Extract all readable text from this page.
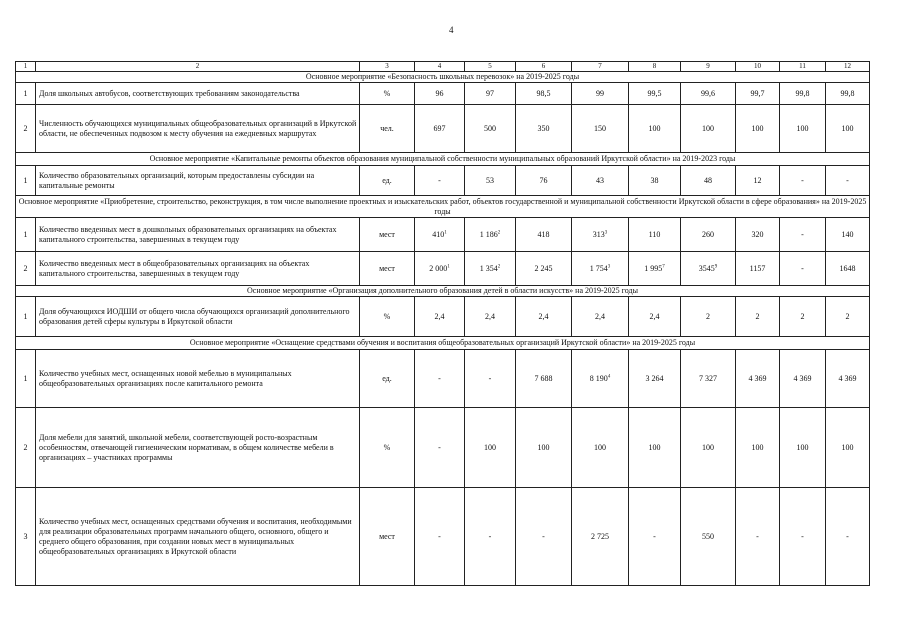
4
1	2	3	4	5	6	7	8	9	10	11	12
Основное мероприятие «Безопасность школьных перевозок» на 2019-2025 годы											
1	Доля школьных автобусов, соответствующих требованиям законодательства	%	96	97	98,5	99	99,5	99,6	99,7	99,8	99,8
2	Численность обучающихся муниципальных общеобразовательных организаций в Иркутской области, не обеспеченных подвозом к месту обучения на ежедневных маршрутах	чел.	697	500	350	150	100	100	100	100	100
Основное мероприятие «Капитальные ремонты объектов образования муниципальной собственности муниципальных образований Иркутской области» на 2019-2023 годы											
1	Количество образовательных организаций, которым предоставлены субсидии на капитальные ремонты	ед.	-	53	76	43	38	48	12	-	-
Основное мероприятие «Приобретение, строительство, реконструкция, в том числе выполнение проектных и изыскательских работ, объектов государственной и муниципальной собственности Иркутской области в сфере образования» на 2019-2025 годы											
1	Количество введенных мест в дошкольных образовательных организациях на объектах капитального строительства, завершенных в текущем году	мест	$410^1$	1 $186^2$	418	$313^3$	110	260	320	-	140
2	Количество введенных мест в общеобразовательных организациях на объектах капитального строительства, завершенных в текущем году	мест	2 $000^1$	1 $354^2$	2 245	1 $754^3$	1 $995^7$	3545$^9$	1157	-	1648
Основное мероприятие «Организация дополнительного образования детей в области искусств» на 2019-2025 годы											
1	Доля обучающихся ИОДШИ от общего числа обучающихся организаций дополнительного образования детей сферы культуры в Иркутской области	%	2,4	2,4	2,4	2,4	2,4	2	2	2	2
Основное мероприятие «Оснащение средствами обучения и воспитания общеобразовательных организаций Иркутской области» на 2019-2025 годы											
1	Количество учебных мест, оснащенных новой мебелью в муниципальных общеобразовательных организациях после капитального ремонта	ед.	-	-	7 688	8 $190^4$	3 264	7 327	4 369	4 369	4 369
2	Доля мебели для занятий, школьной мебели, соответствующей росто-возрастным особенностям, отвечающей гигиеническим нормативам, в общем количестве мебели в организациях – участниках программы	%	-	100	100	100	100	100	100	100	100
3	Количество учебных мест, оснащенных средствами обучения и воспитания, необходимыми для реализации образовательных программ начального общего, основного, общего и среднего общего образования, при создании новых мест в муниципальных общеобразовательных организациях в Иркутской области	мест	-	-	-	2 725	-	550	-	-	-
